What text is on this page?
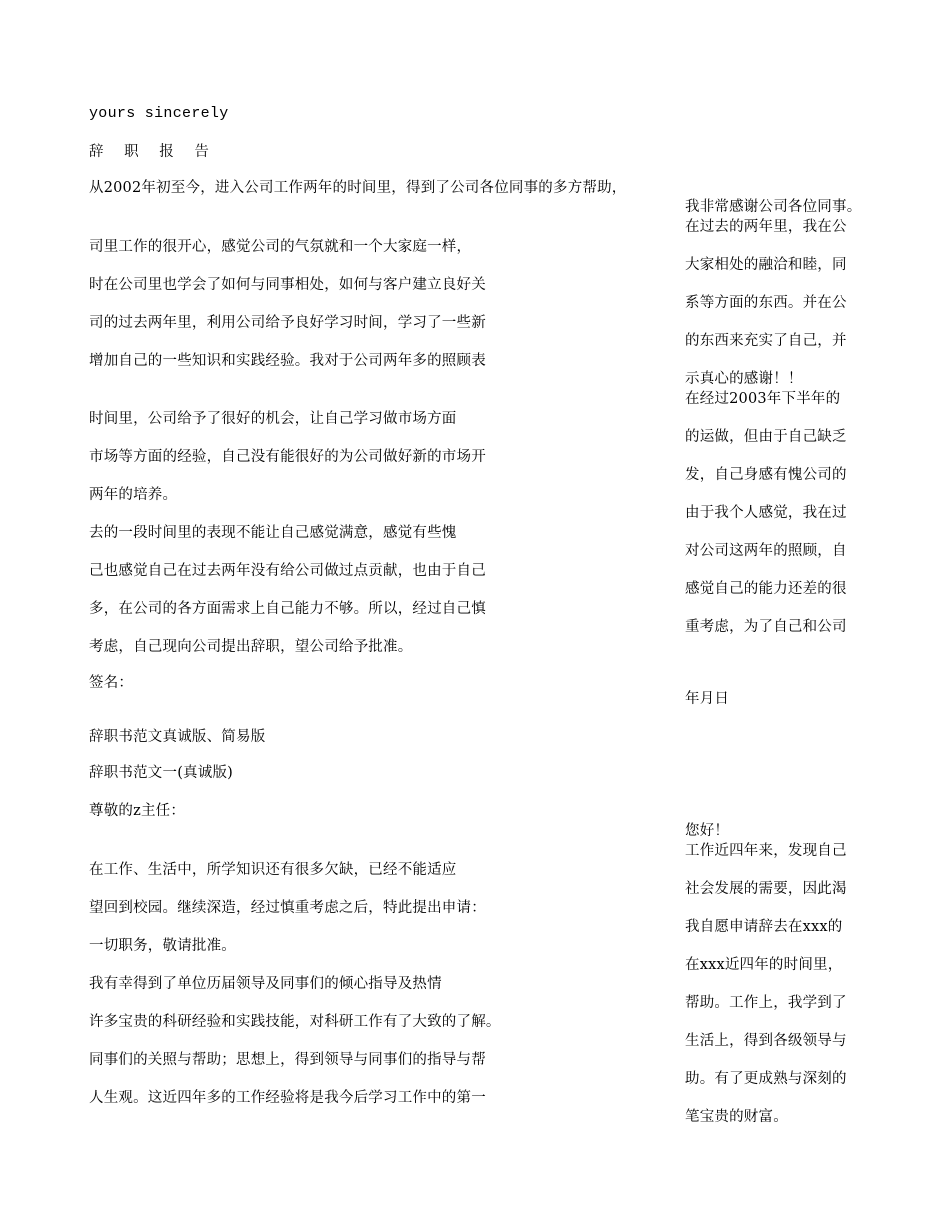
yours sincerely
辞 职 报 告
从2002年初至今，进入公司工作两年的时间里，得到了公司各位同事的多方帮助，
司里工作的很开心，感觉公司的气氛就和一个大家庭一样，
时在公司里也学会了如何与同事相处，如何与客户建立良好关
司的过去两年里，利用公司给予良好学习时间，学习了一些新
增加自己的一些知识和实践经验。我对于公司两年多的照顾表
时间里，公司给予了很好的机会，让自己学习做市场方面
市场等方面的经验，自己没有能很好的为公司做好新的市场开
两年的培养。
去的一段时间里的表现不能让自己感觉满意，感觉有些愧
己也感觉自己在过去两年没有给公司做过点贡献，也由于自己
多，在公司的各方面需求上自己能力不够。所以，经过自己慎
考虑，自己现向公司提出辞职，望公司给予批准。
签名：
我非常感谢公司各位同事。
在过去的两年里，我在公
大家相处的融洽和睦，同
系等方面的东西。并在公
的东西来充实了自己，并
示真心的感谢！！
在经过2003年下半年的
的运做，但由于自己缺乏
发，自己身感有愧公司的
由于我个人感觉，我在过
对公司这两年的照顾，自
感觉自己的能力还差的很
重考虑，为了自己和公司
年月日
辞职书范文真诚版、简易版
辞职书范文一(真诚版)
尊敬的z主任：
您好！
工作近四年来，发现自己
社会发展的需要，因此渴
我自愿申请辞去在xxx的
在xxx近四年的时间里，
帮助。工作上，我学到了
生活上，得到各级领导与
助。有了更成熟与深刻的
笔宝贵的财富。
在工作、生活中，所学知识还有很多欠缺，已经不能适应
望回到校园。继续深造，经过慎重考虑之后，特此提出申请：
一切职务，敬请批准。
我有幸得到了单位历届领导及同事们的倾心指导及热情
许多宝贵的科研经验和实践技能，对科研工作有了大致的了解。
同事们的关照与帮助；思想上，得到领导与同事们的指导与帮
人生观。这近四年多的工作经验将是我今后学习工作中的第一
